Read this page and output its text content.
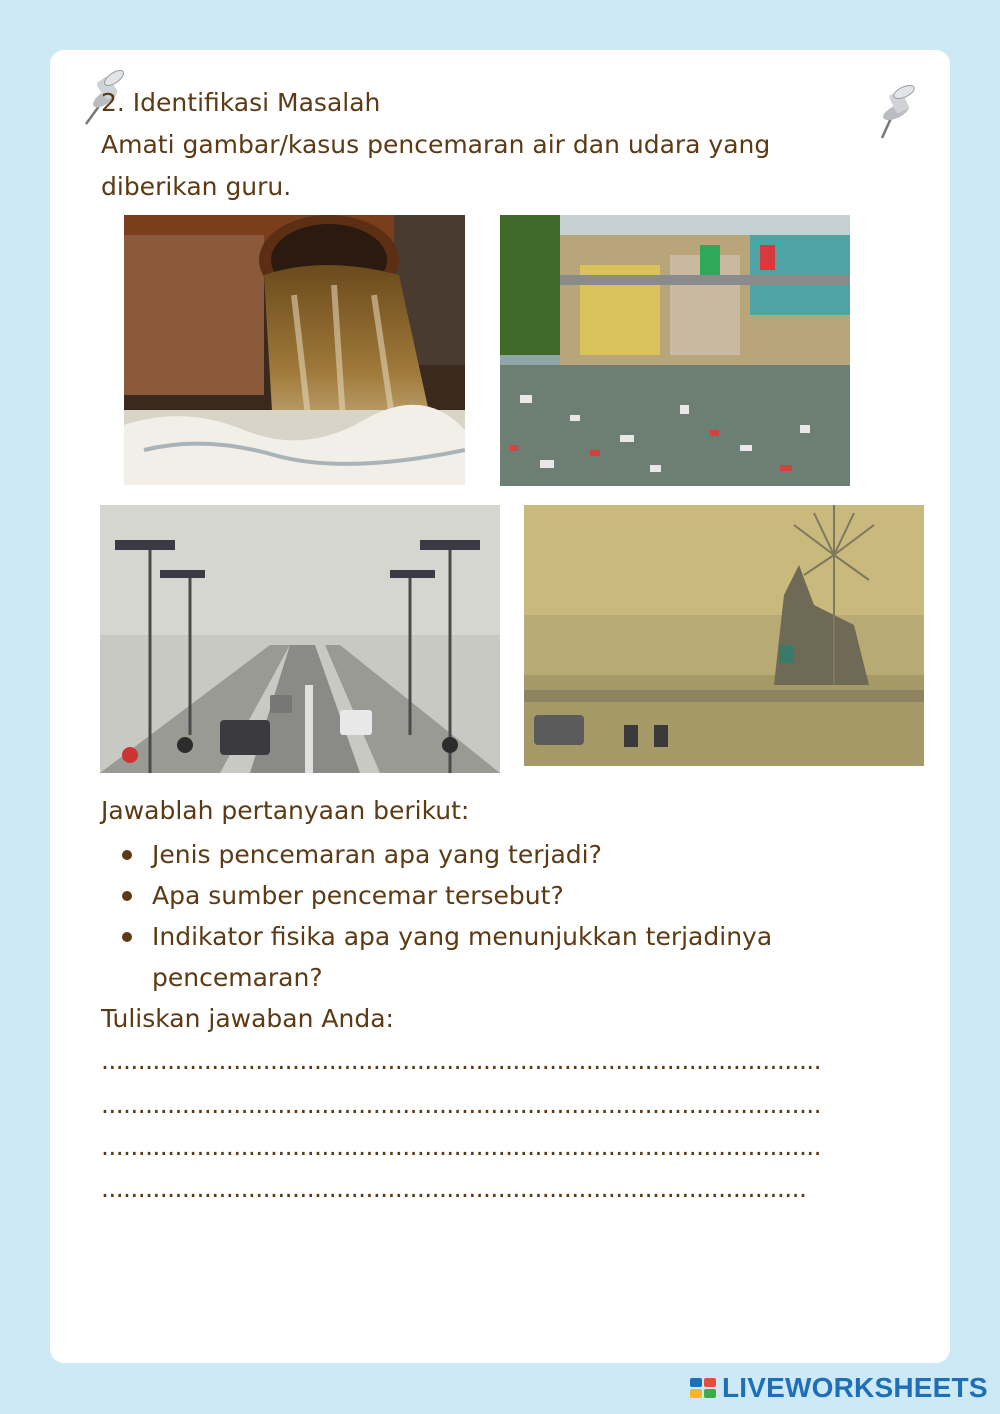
2. Identifikasi Masalah
Amati gambar/kasus pencemaran air dan udara yang
diberikan guru.
Jawablah pertanyaan berikut:
Jenis pencemaran apa yang terjadi?
Apa sumber pencemar tersebut?
Indikator fisika apa yang menunjukkan terjadinya pencemaran?
Tuliskan jawaban Anda:
..................................................................................................
..................................................................................................
..................................................................................................
................................................................................................
LIVEWORKSHEETS
